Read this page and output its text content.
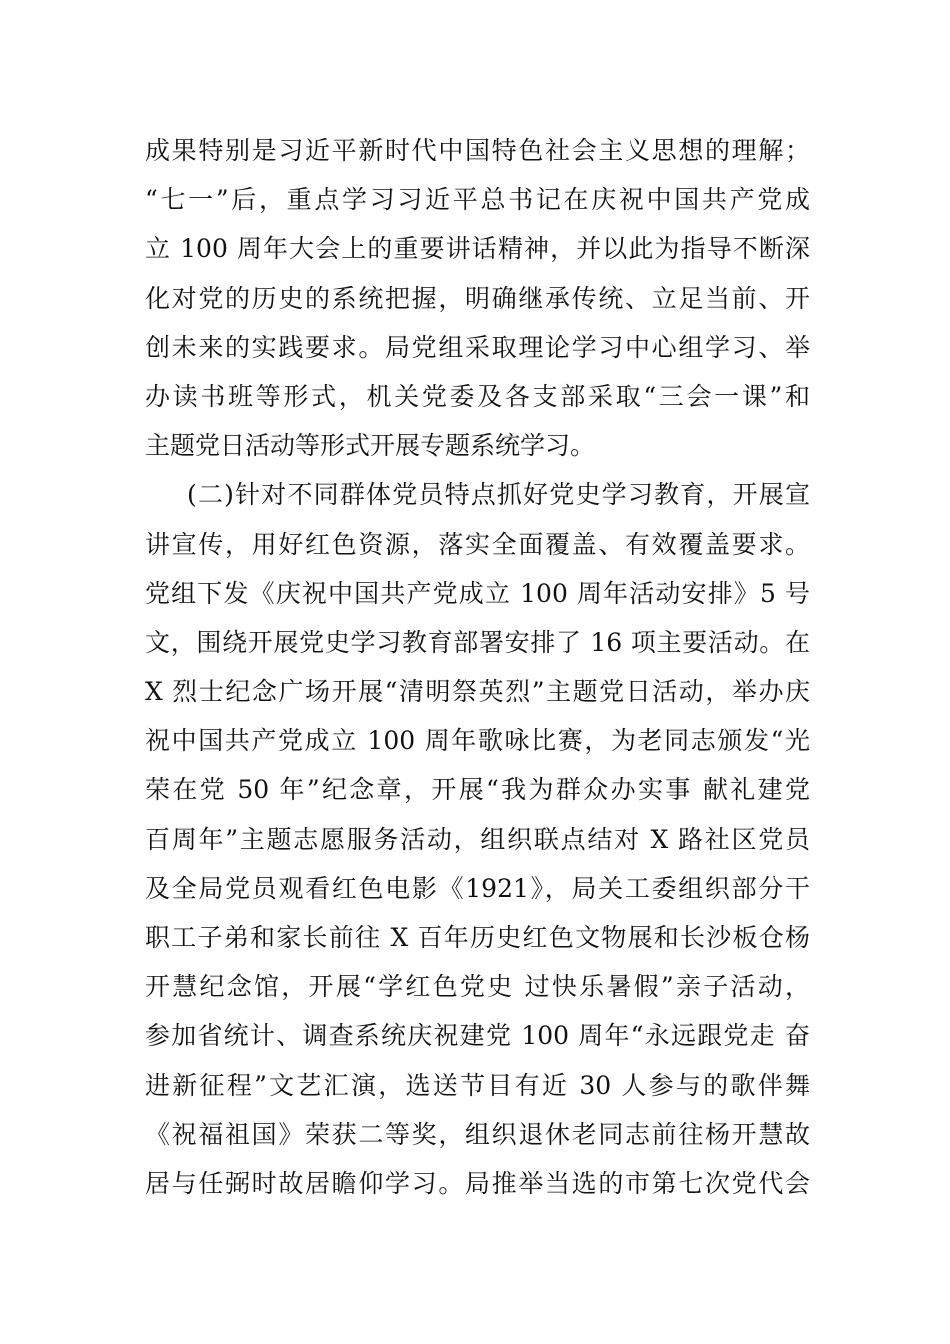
成果特别是习近平新时代中国特色社会主义思想的理解；
“七一”后，重点学习习近平总书记在庆祝中国共产党成
立 100 周年大会上的重要讲话精神，并以此为指导不断深
化对党的历史的系统把握，明确继承传统、立足当前、开
创未来的实践要求。局党组采取理论学习中心组学习、举
办读书班等形式，机关党委及各支部采取“三会一课”和
主题党日活动等形式开展专题系统学习。
(二)针对不同群体党员特点抓好党史学习教育，开展宣
讲宣传，用好红色资源，落实全面覆盖、有效覆盖要求。
党组下发《庆祝中国共产党成立 100 周年活动安排》5 号
文，围绕开展党史学习教育部署安排了 16 项主要活动。在
X 烈士纪念广场开展“清明祭英烈”主题党日活动，举办庆
祝中国共产党成立 100 周年歌咏比赛，为老同志颁发“光
荣在党 50 年”纪念章，开展“我为群众办实事 献礼建党
百周年”主题志愿服务活动，组织联点结对 X 路社区党员
及全局党员观看红色电影《1921》，局关工委组织部分干
职工子弟和家长前往 X 百年历史红色文物展和长沙板仓杨
开慧纪念馆，开展“学红色党史 过快乐暑假”亲子活动，
参加省统计、调查系统庆祝建党 100 周年“永远跟党走 奋
进新征程”文艺汇演，选送节目有近 30 人参与的歌伴舞
《祝福祖国》荣获二等奖，组织退休老同志前往杨开慧故
居与任弼时故居瞻仰学习。局推举当选的市第七次党代会
